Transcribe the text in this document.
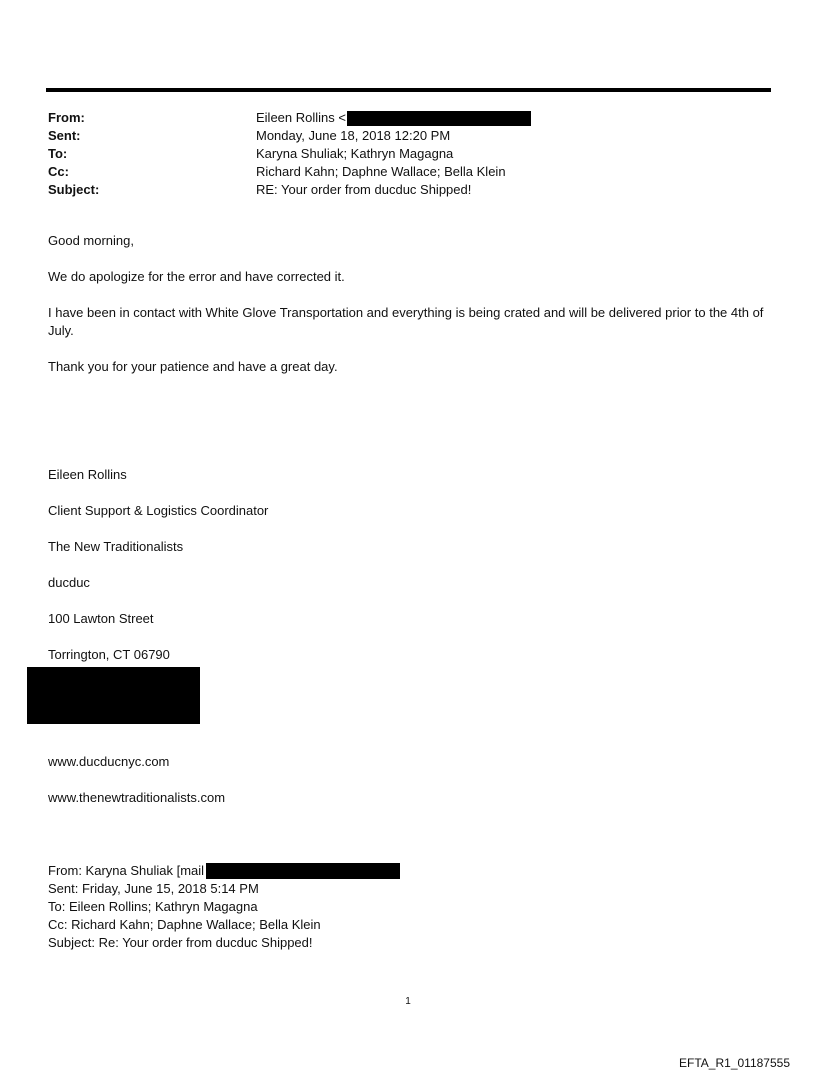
From:	Eileen Rollins <
Sent:	Monday, June 18, 2018 12:20 PM
To:	Karyna Shuliak; Kathryn Magagna
Cc:	Richard Kahn; Daphne Wallace; Bella Klein
Subject:	RE: Your order from ducduc Shipped!

Good morning,

We do apologize for the error and have corrected it.

I have been in contact with White Glove Transportation and everything is being crated and will be delivered prior to the 4th of July.

Thank you for your patience and have a great day.

Eileen Rollins
Client Support & Logistics Coordinator
The New Traditionalists
ducduc
100 Lawton Street
Torrington, CT 06790
www.ducducnyc.com
www.thenewtraditionalists.com
From: Karyna Shuliak [mail
Sent: Friday, June 15, 2018 5:14 PM
To: Eileen Rollins; Kathryn Magagna
Cc: Richard Kahn; Daphne Wallace; Bella Klein
Subject: Re: Your order from ducduc Shipped!
1
EFTA_R1_01187555
